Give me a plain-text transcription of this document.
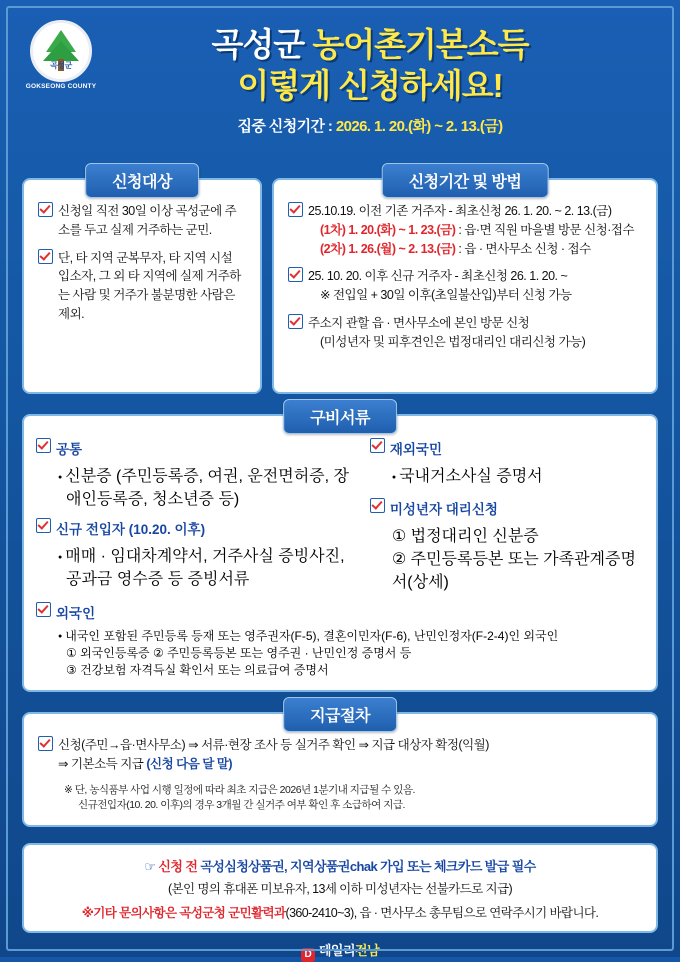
곡성군
GOKSEONG COUNTY
곡성군 농어촌기본소득
이렇게 신청하세요!
집중 신청기간 : 2026. 1. 20.(화) ~ 2. 13.(금)
신청대상
신청일 직전 30일 이상 곡성군에 주소를 두고 실제 거주하는 군민.
단, 타 지역 군복무자, 타 지역 시설 입소자, 그 외 타 지역에 실제 거주하는 사람 및 거주가 불분명한 사람은 제외.
신청기간 및 방법
25.10.19. 이전 기존 거주자 - 최초신청 26. 1. 20. ~ 2. 13.(금)

(1차) 1. 20.(화) ~ 1. 23.(금) : 읍·면 직원 마을별 방문 신청·접수
(2차) 1. 26.(월) ~ 2. 13.(금) : 읍 · 면사무소 신청 · 접수
25. 10. 20. 이후 신규 거주자 - 최초신청 26. 1. 20. ~

※ 전입일 + 30일 이후(초일불산입)부터 신청 가능
주소지 관할 읍 · 면사무소에 본인 방문 신청

(미성년자 및 피후견인은 법정대리인 대리신청 가능)
구비서류
공통
● 신분증 (주민등록증, 여권, 운전면허증, 장애인등록증, 청소년증 등)
신규 전입자 (10.20. 이후)
● 매매 · 임대차계약서, 거주사실 증빙사진, 공과금 영수증 등 증빙서류
재외국민
● 국내거소사실 증명서
미성년자 대리신청
① 법정대리인 신분증
② 주민등록등본 또는 가족관계증명서(상세)
외국인
● 내국인 포함된 주민등록 등재 또는 영주권자(F-5), 결혼이민자(F-6), 난민인정자(F-2-4)인 외국인
① 외국인등록증 ② 주민등록등본 또는 영주권 · 난민인정 증명서 등
③ 건강보험 자격득실 확인서 또는 의료급여 증명서
지급절차
신청(주민→읍·면사무소) ⇒ 서류·현장 조사 등 실거주 확인 ⇒ 지급 대상자 확정(익월)
⇒ 기본소득 지급 (신청 다음 달 말)
※ 단, 농식품부 사업 시행 일정에 따라 최초 지급은 2026년 1분기내 지급될 수 있음.
신규전입자(10. 20. 이후)의 경우 3개월 간 실거주 여부 확인 후 소급하여 지급.
☞ 신청 전 곡성심청상품권, 지역상품권chak 가입 또는 체크카드 발급 필수
(본인 명의 휴대폰 미보유자, 13세 이하 미성년자는 선불카드로 지급)
※기타 문의사항은 곡성군청 군민활력과(360-2410~3), 읍 · 면사무소 총무팀으로 연락주시기 바랍니다.
D 데일리전남
